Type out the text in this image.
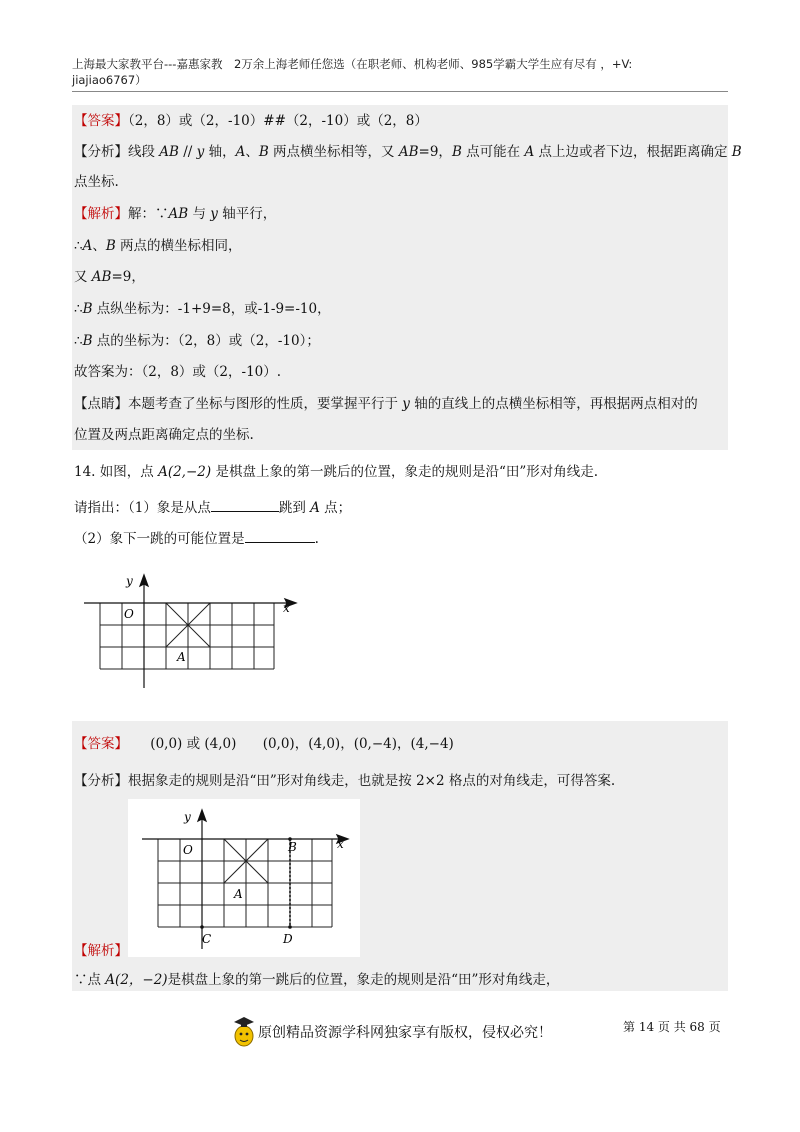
上海最大家教平台---嘉惠家教　2万余上海老师任您选（在职老师、机构老师、985学霸大学生应有尽有 ，+V:
jiajiao6767）
【答案】（2，8）或（2，-10）##（2，-10）或（2，8）
【分析】线段 AB // y 轴，A、B 两点横坐标相等，又 AB=9，B 点可能在 A 点上边或者下边，根据距离确定 B
点坐标.
【解析】解：∵AB 与 y 轴平行，
∴A、B 两点的横坐标相同，
又 AB=9，
∴B 点纵坐标为：-1+9=8，或-1-9=-10，
∴B 点的坐标为：（2，8）或（2，-10）；
故答案为：（2，8）或（2，-10）.
【点睛】本题考查了坐标与图形的性质，要掌握平行于 y 轴的直线上的点横坐标相等，再根据两点相对的
位置及两点距离确定点的坐标.
14. 如图，点 A(2,−2) 是棋盘上象的第一跳后的位置，象走的规则是沿“田”形对角线走.
请指出：（1）象是从点	跳到 A 点；
（2）象下一跳的可能位置是	.
y
x
O
A
【答案】 (0,0) 或 (4,0) (0,0)，(4,0)，(0,−4)，(4,−4)
【分析】根据象走的规则是沿“田”形对角线走，也就是按 2×2 格点的对角线走，可得答案.
y
x
O
A
B
C	D
【解析】
∵点 A(2，−2)是棋盘上象的第一跳后的位置，象走的规则是沿“田”形对角线走，
第 14 页 共 68 页
原创精品资源学科网独家享有版权，侵权必究！
